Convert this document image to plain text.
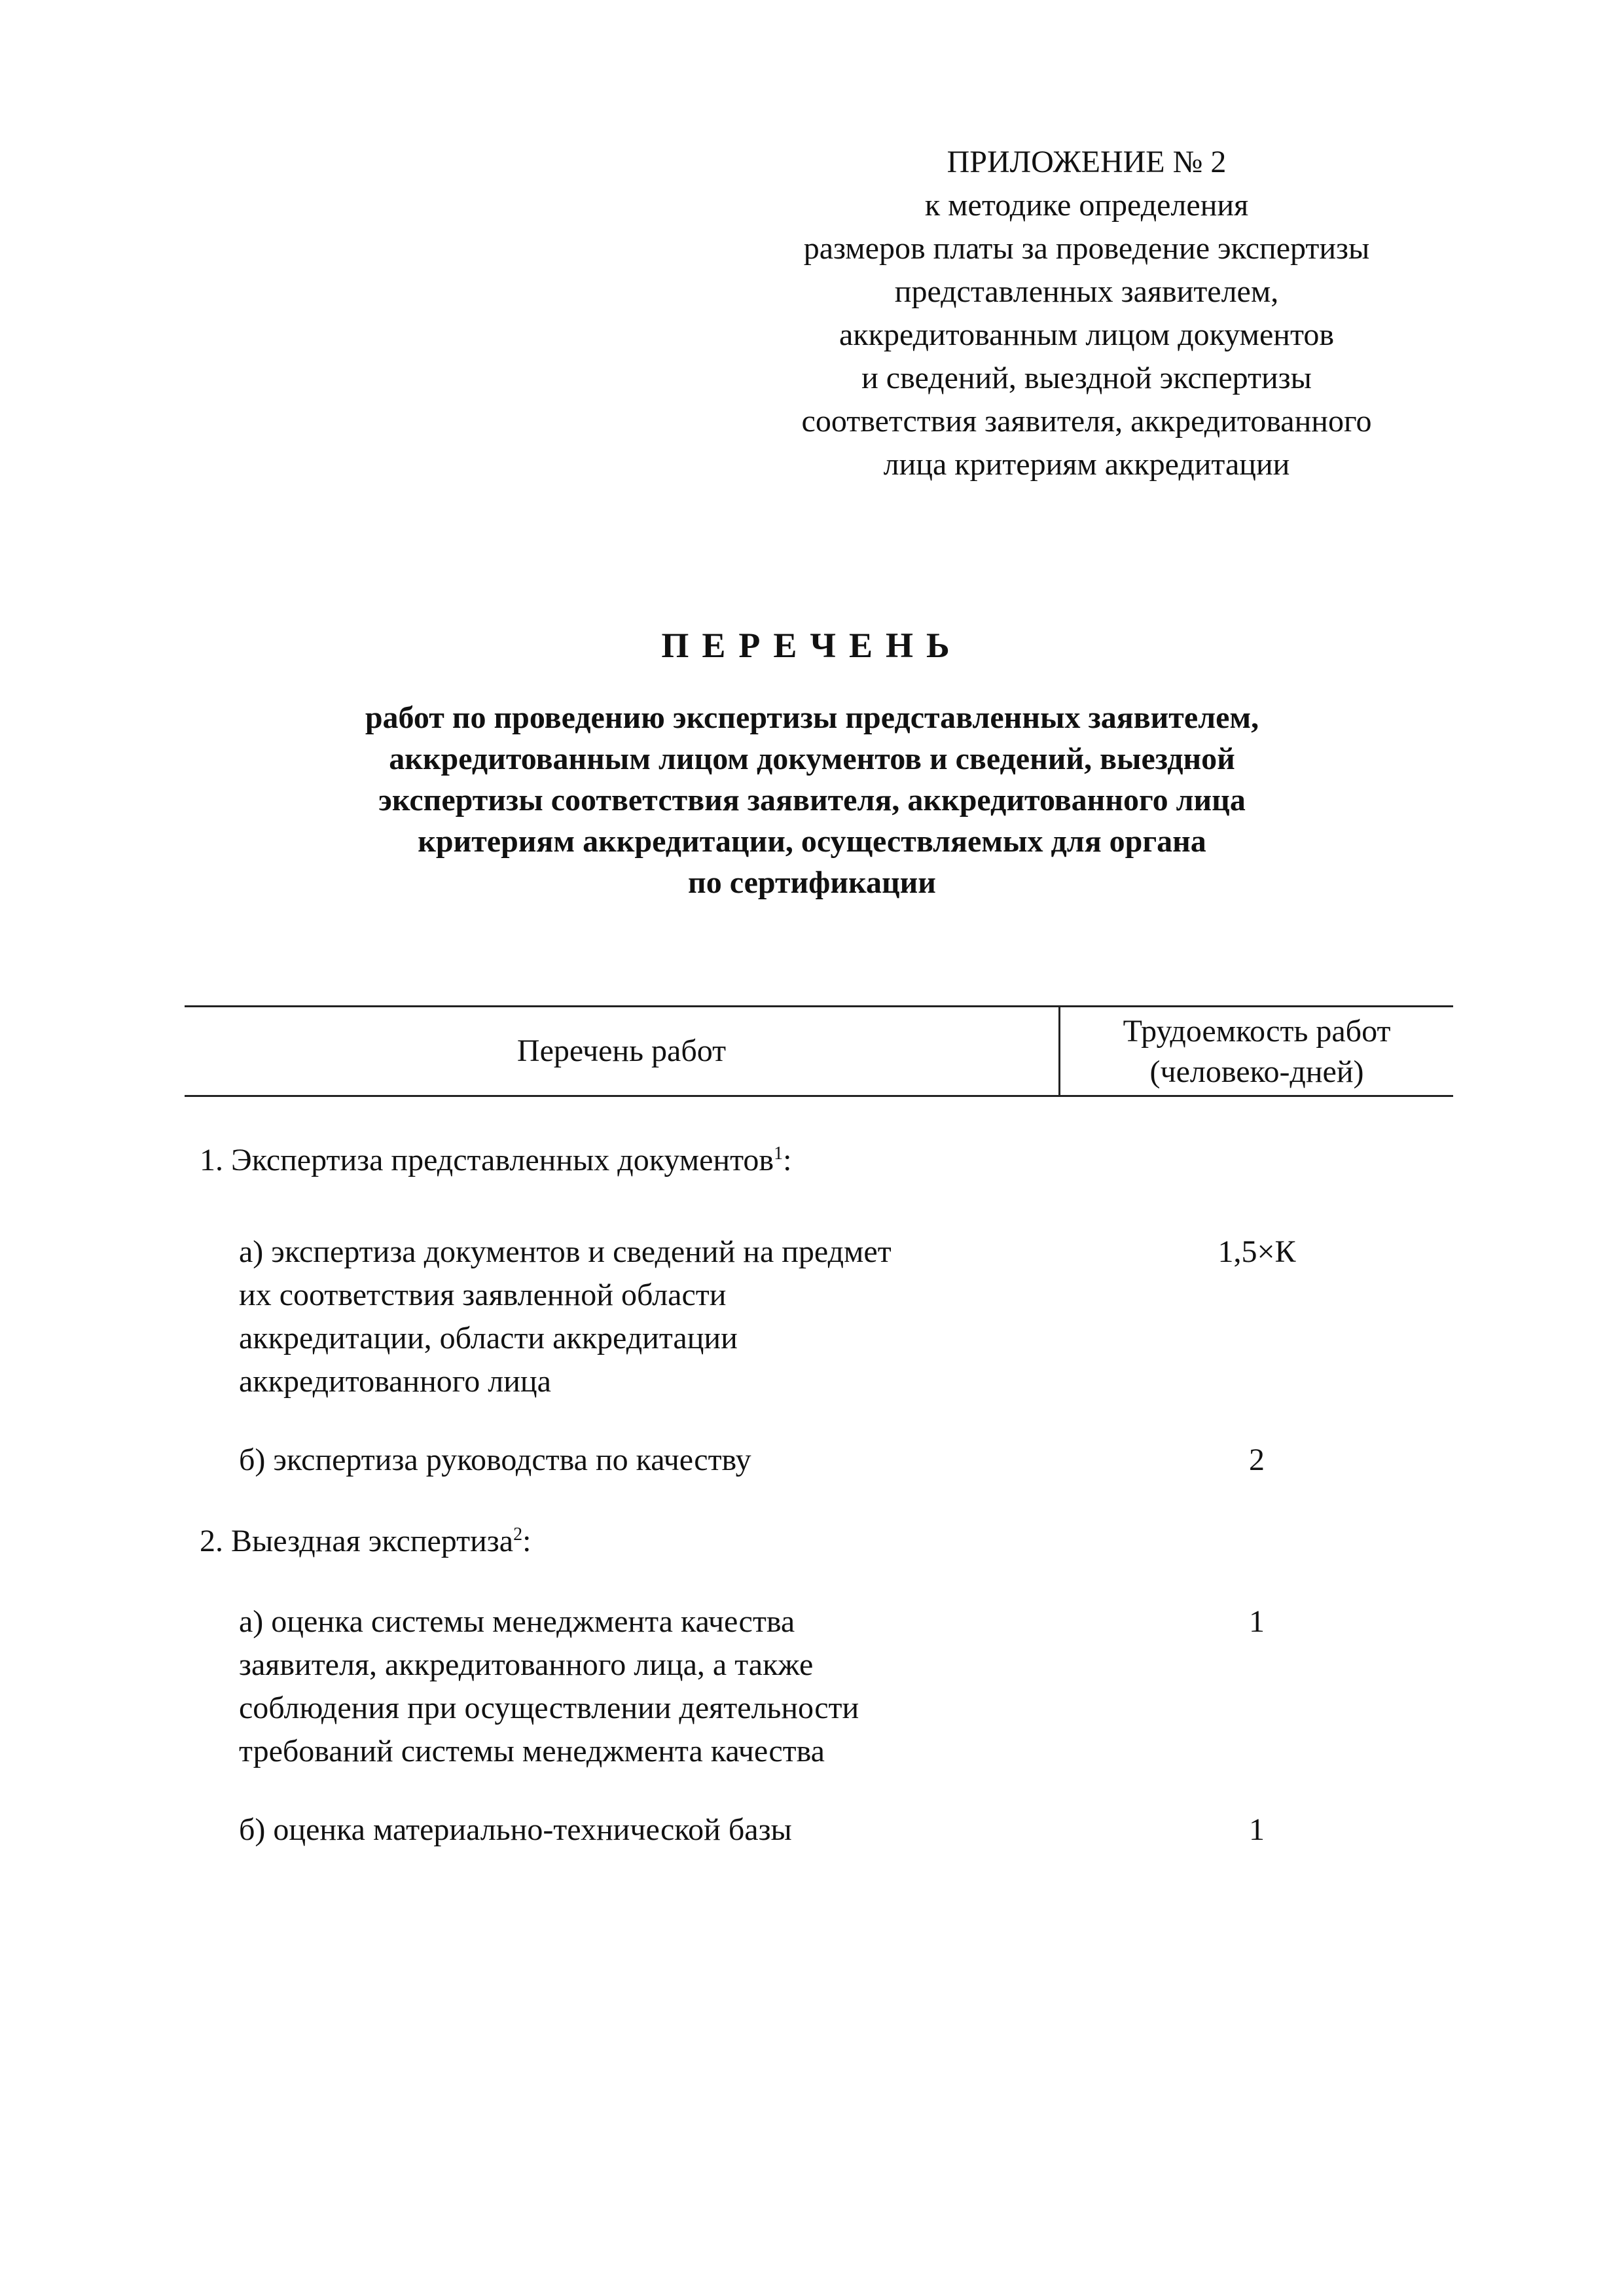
ПРИЛОЖЕНИЕ № 2
к методике определения
размеров платы за проведение экспертизы
представленных заявителем,
аккредитованным лицом документов
и сведений, выездной экспертизы
соответствия заявителя, аккредитованного
лица критериям аккредитации
ПЕРЕЧЕНЬ
работ по проведению экспертизы представленных заявителем,
аккредитованным лицом документов и сведений, выездной
экспертизы соответствия заявителя, аккредитованного лица
критериям аккредитации, осуществляемых для органа
по сертификации
Перечень работ
Трудоемкость работ
(человеко-дней)
1. Экспертиза представленных документов$^1$:
а) экспертиза документов и сведений на предмет
их соответствия заявленной области
аккредитации, области аккредитации
аккредитованного лица
1,5×К
б) экспертиза руководства по качеству	2
2. Выездная экспертиза$^2$:
а) оценка системы менеджмента качества
заявителя, аккредитованного лица, а также
соблюдения при осуществлении деятельности
требований системы менеджмента качества
1
б) оценка материально-технической базы	1
